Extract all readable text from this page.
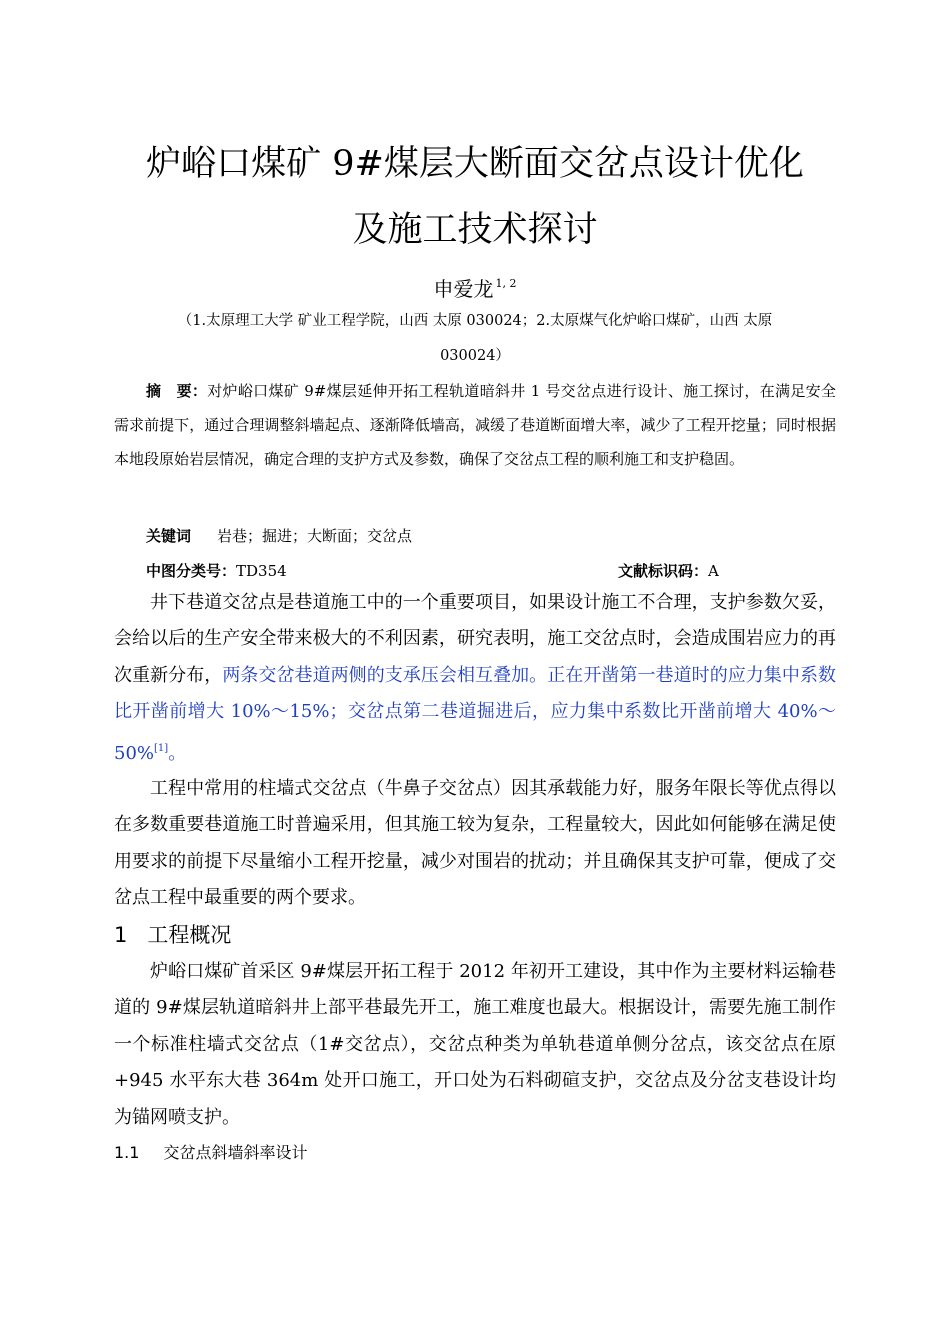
炉峪口煤矿 9#煤层大断面交岔点设计优化
及施工技术探讨
申爱龙 $^{1, 2}$
（1.太原理工大学 矿业工程学院，山西 太原 030024；2.太原煤气化炉峪口煤矿，山西 太原
030024）

摘　要：对炉峪口煤矿 9#煤层延伸开拓工程轨道暗斜井 1 号交岔点进行设计、施工探讨，在满足安全需求前提下，通过合理调整斜墙起点、逐渐降低墙高，减缓了巷道断面增大率，减少了工程开挖量；同时根据本地段原始岩层情况，确定合理的支护方式及参数，确保了交岔点工程的顺利施工和支护稳固。

关键词 岩巷；掘进；大断面；交岔点
中图分类号：TD354	文献标识码：A

井下巷道交岔点是巷道施工中的一个重要项目，如果设计施工不合理，支护参数欠妥，会给以后的生产安全带来极大的不利因素，研究表明，施工交岔点时，会造成围岩应力的再次重新分布，两条交岔巷道两侧的支承压会相互叠加。正在开凿第一巷道时的应力集中系数比开凿前增大 10%～15%；交岔点第二巷道掘进后，应力集中系数比开凿前增大 40%～50%[1]。

工程中常用的柱墙式交岔点（牛鼻子交岔点）因其承载能力好，服务年限长等优点得以在多数重要巷道施工时普遍采用，但其施工较为复杂，工程量较大，因此如何能够在满足使用要求的前提下尽量缩小工程开挖量，减少对围岩的扰动；并且确保其支护可靠，便成了交岔点工程中最重要的两个要求。

1 工程概况

炉峪口煤矿首采区 9#煤层开拓工程于 2012 年初开工建设，其中作为主要材料运输巷道的 9#煤层轨道暗斜井上部平巷最先开工，施工难度也最大。根据设计，需要先施工制作一个标准柱墙式交岔点（1#交岔点），交岔点种类为单轨巷道单侧分岔点，该交岔点在原+945 水平东大巷 364m 处开口施工，开口处为石料砌碹支护，交岔点及分岔支巷设计均为锚网喷支护。

1.1 交岔点斜墙斜率设计
